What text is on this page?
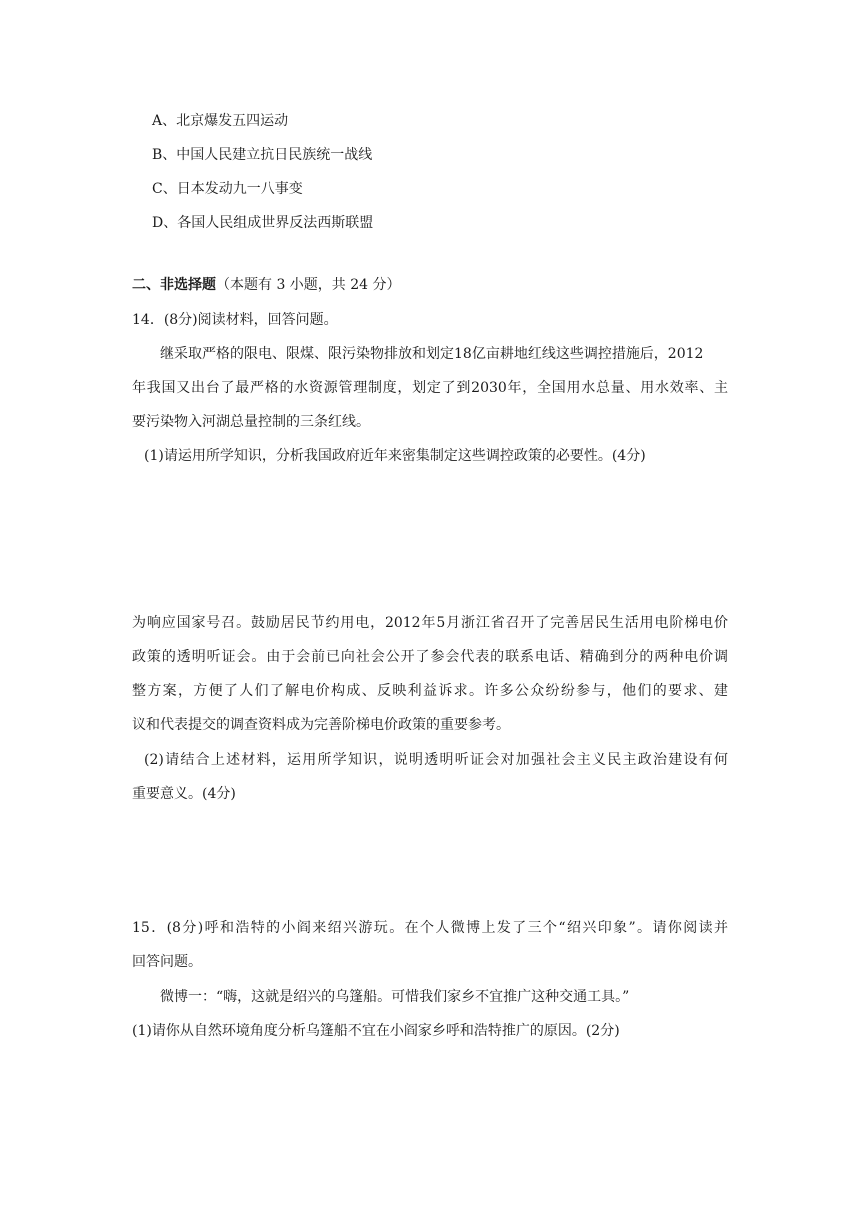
A、北京爆发五四运动
B、中国人民建立抗日民族统一战线
C、日本发动九一八事变
D、各国人民组成世界反法西斯联盟
二、非选择题（本题有 3 小题，共 24 分）
14．(8分)阅读材料，回答问题。
继采取严格的限电、限煤、限污染物排放和划定18亿亩耕地红线这些调控措施后，2012
年我国又出台了最严格的水资源管理制度，划定了到2030年，全国用水总量、用水效率、主
要污染物入河湖总量控制的三条红线。
(1)请运用所学知识，分析我国政府近年来密集制定这些调控政策的必要性。(4分)
为响应国家号召。鼓励居民节约用电，2012年5月浙江省召开了完善居民生活用电阶梯电价
政策的透明听证会。由于会前已向社会公开了参会代表的联系电话、精确到分的两种电价调
整方案，方便了人们了解电价构成、反映利益诉求。许多公众纷纷参与，他们的要求、建
议和代表提交的调查资料成为完善阶梯电价政策的重要参考。
(2)请结合上述材料，运用所学知识，说明透明听证会对加强社会主义民主政治建设有何
重要意义。(4分)
15．(8分)呼和浩特的小阎来绍兴游玩。在个人微博上发了三个“绍兴印象”。请你阅读并
回答问题。
微博一：“嗨，这就是绍兴的乌篷船。可惜我们家乡不宜推广这种交通工具。”
(1)请你从自然环境角度分析乌篷船不宜在小阎家乡呼和浩特推广的原因。(2分)
